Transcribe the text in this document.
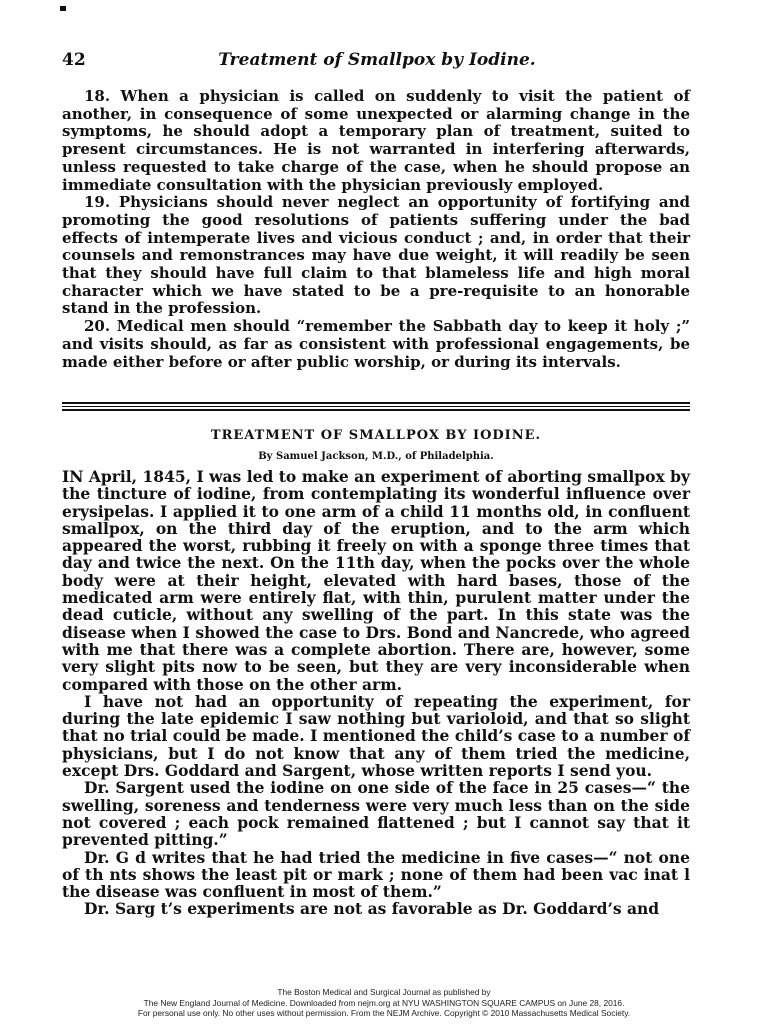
42	Treatment of Smallpox by Iodine.

18. When a physician is called on suddenly to visit the patient of another, in consequence of some unexpected or alarming change in the symptoms, he should adopt a temporary plan of treatment, suited to present circumstances. He is not warranted in interfering afterwards, unless requested to take charge of the case, when he should propose an immediate consultation with the physician previously employed.

19. Physicians should never neglect an opportunity of fortifying and promoting the good resolutions of patients suffering under the bad effects of intemperate lives and vicious conduct ; and, in order that their counsels and remonstrances may have due weight, it will readily be seen that they should have full claim to that blameless life and high moral character which we have stated to be a pre-requisite to an honorable stand in the profession.

20. Medical men should “remember the Sabbath day to keep it holy ;” and visits should, as far as consistent with professional engagements, be made either before or after public worship, or during its intervals.

TREATMENT OF SMALLPOX BY IODINE.
By Samuel Jackson, M.D., of Philadelphia.

IN April, 1845, I was led to make an experiment of aborting smallpox by the tincture of iodine, from contemplating its wonderful influence over erysipelas. I applied it to one arm of a child 11 months old, in confluent smallpox, on the third day of the eruption, and to the arm which appeared the worst, rubbing it freely on with a sponge three times that day and twice the next. On the 11th day, when the pocks over the whole body were at their height, elevated with hard bases, those of the medicated arm were entirely flat, with thin, purulent matter under the dead cuticle, without any swelling of the part. In this state was the disease when I showed the case to Drs. Bond and Nancrede, who agreed with me that there was a complete abortion. There are, however, some very slight pits now to be seen, but they are very inconsiderable when compared with those on the other arm.

I have not had an opportunity of repeating the experiment, for during the late epidemic I saw nothing but varioloid, and that so slight that no trial could be made. I mentioned the child’s case to a number of physicians, but I do not know that any of them tried the medicine, except Drs. Goddard and Sargent, whose written reports I send you.

Dr. Sargent used the iodine on one side of the face in 25 cases—“ the swelling, soreness and tenderness were very much less than on the side not covered ; each pock remained flattened ; but I cannot say that it prevented pitting.”

Dr. G d writes that he had tried the medicine in five cases—“ not one of th nts shows the least pit or mark ; none of them had been vac inat l the disease was confluent in most of them.”

Dr. Sarg t’s experiments are not as favorable as Dr. Goddard’s and

The Boston Medical and Surgical Journal as published by
The New England Journal of Medicine. Downloaded from nejm.org at NYU WASHINGTON SQUARE CAMPUS on June 28, 2016.
For personal use only. No other uses without permission. From the NEJM Archive. Copyright © 2010 Massachusetts Medical Society.
